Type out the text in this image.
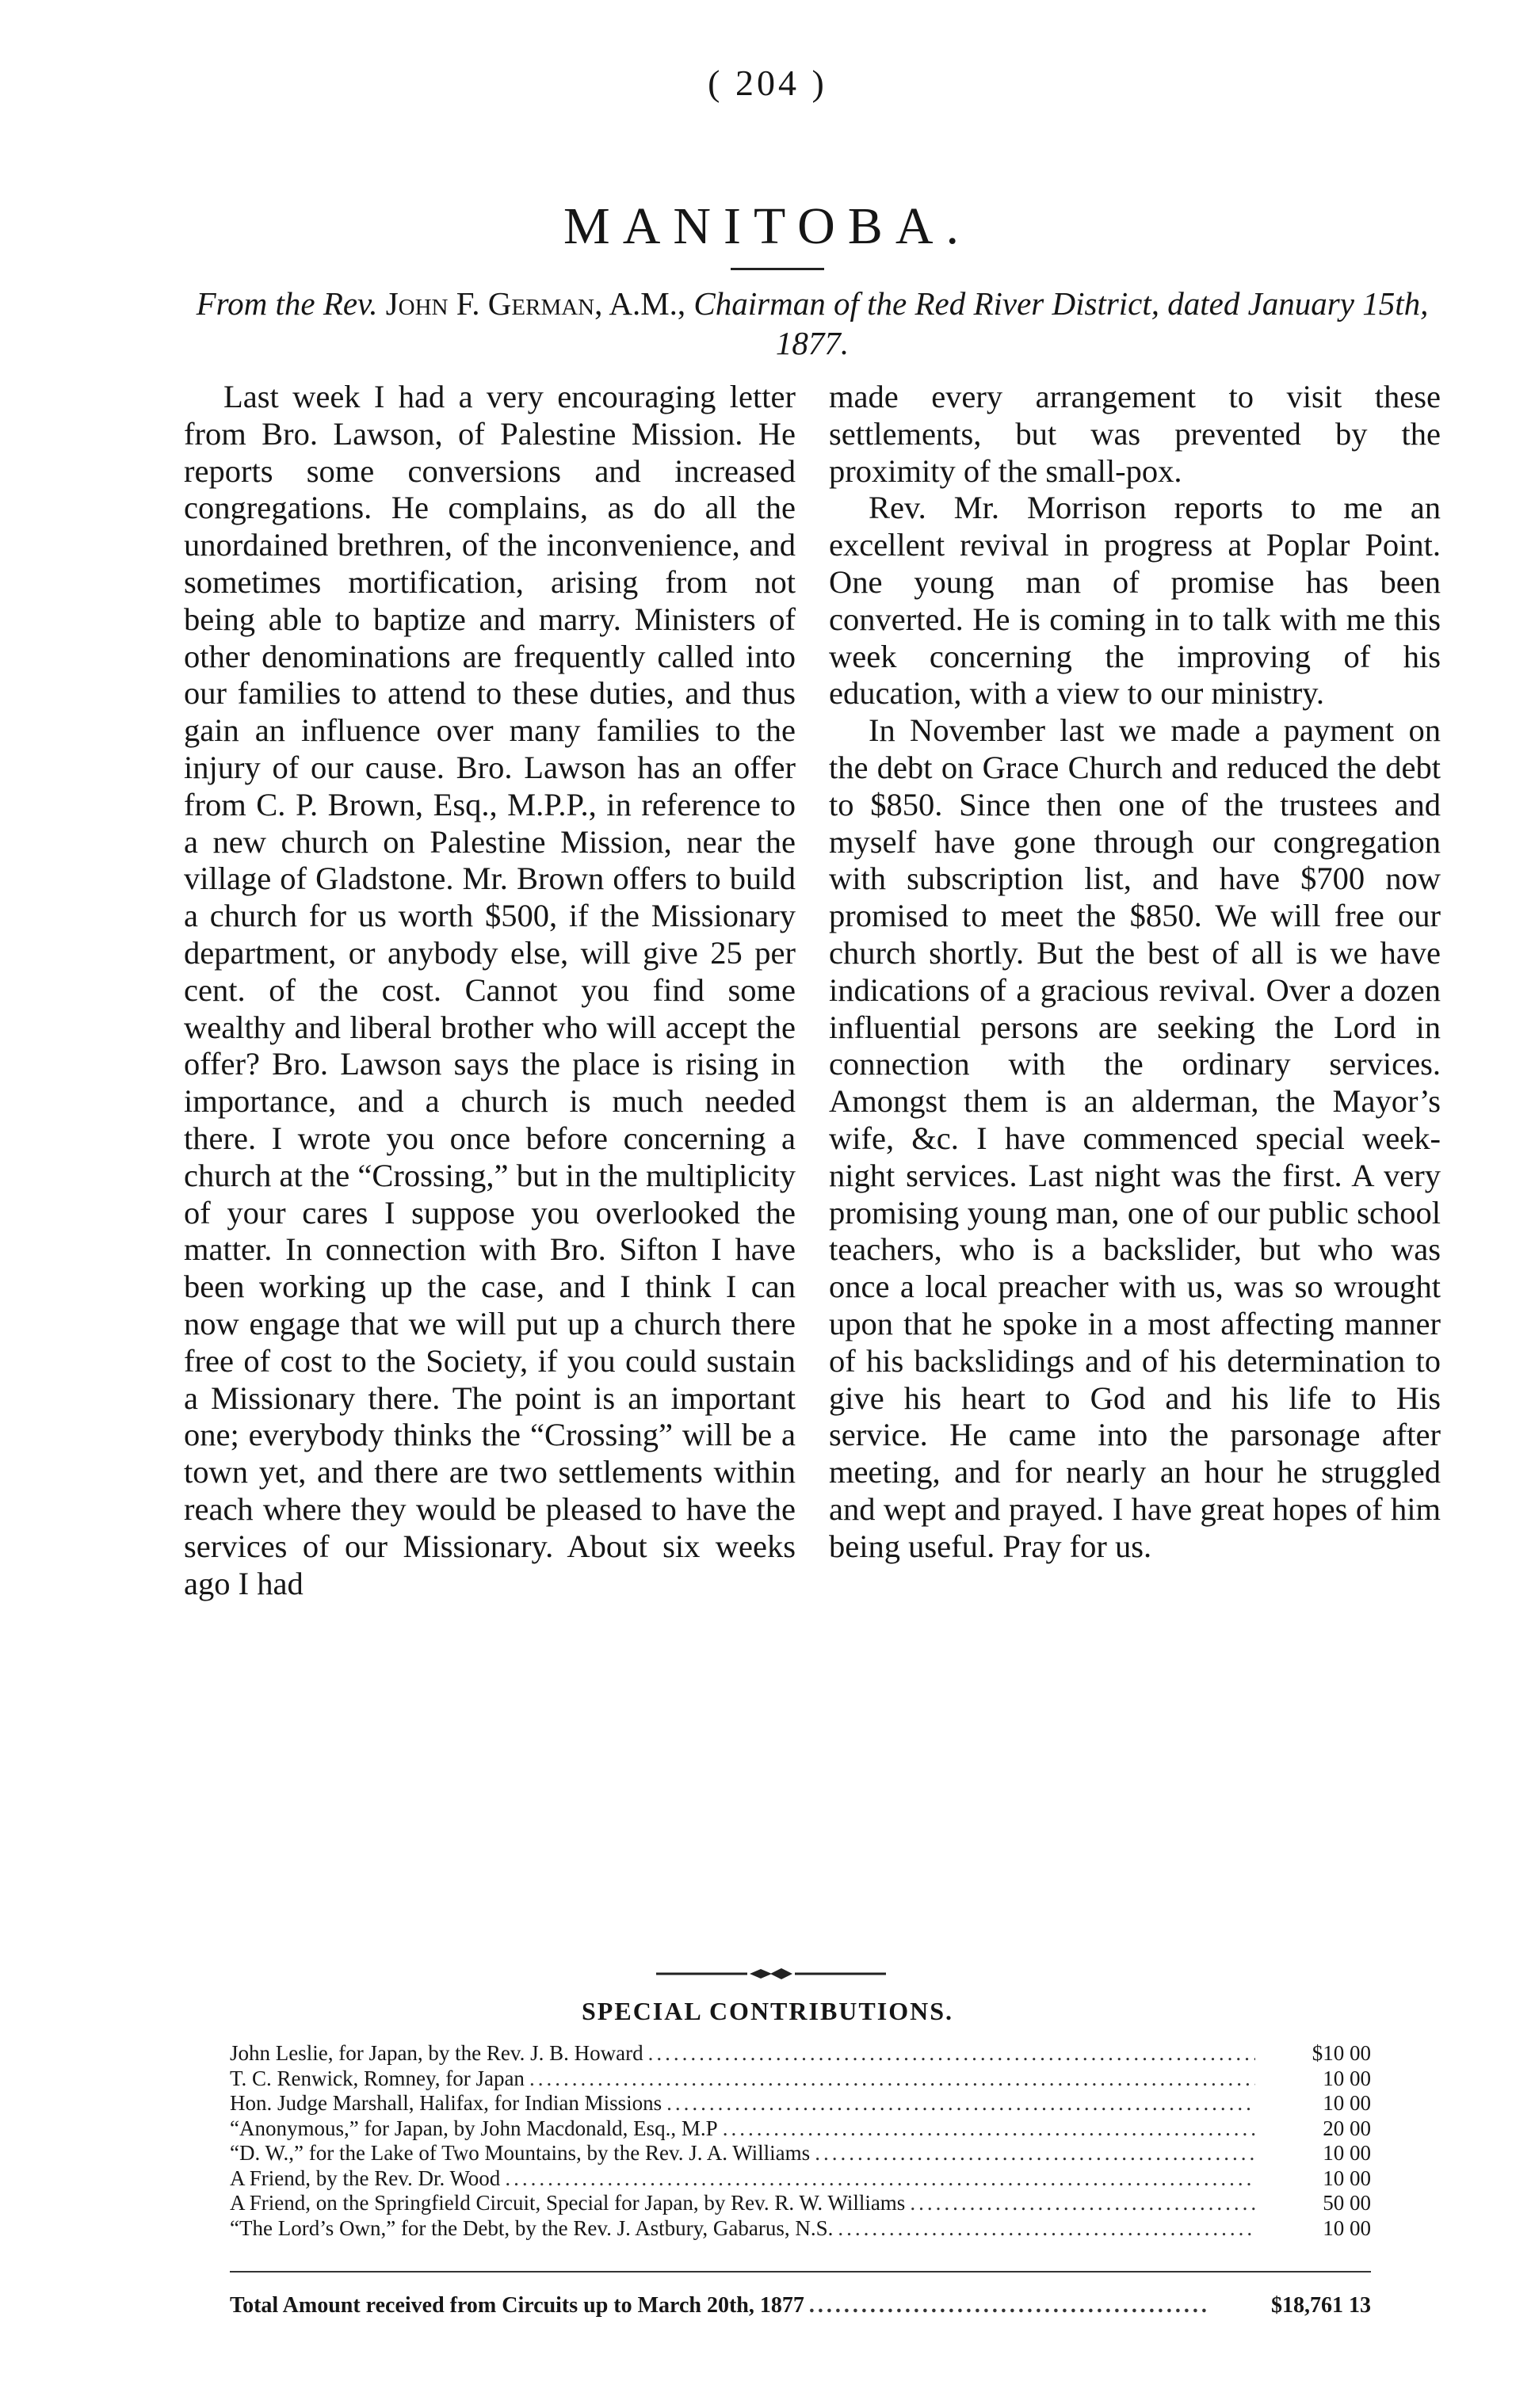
( 204 )
MANITOBA.
From the Rev. John F. German, A.M., Chairman of the Red River District, dated January 15th, 1877.

Last week I had a very encouraging letter from Bro. Lawson, of Palestine Mission. He reports some conversions and increased congregations. He complains, as do all the unordained brethren, of the inconvenience, and sometimes mortification, arising from not being able to baptize and marry. Ministers of other denominations are frequently called into our families to attend to these duties, and thus gain an influence over many families to the injury of our cause. Bro. Lawson has an offer from C. P. Brown, Esq., M.P.P., in reference to a new church on Palestine Mission, near the village of Gladstone. Mr. Brown offers to build a church for us worth $500, if the Missionary department, or anybody else, will give 25 per cent. of the cost. Cannot you find some wealthy and liberal brother who will accept the offer? Bro. Lawson says the place is rising in importance, and a church is much needed there. I wrote you once before concerning a church at the “Crossing,” but in the multiplicity of your cares I suppose you overlooked the matter. In connection with Bro. Sifton I have been working up the case, and I think I can now engage that we will put up a church there free of cost to the Society, if you could sustain a Missionary there. The point is an important one; everybody thinks the “Crossing” will be a town yet, and there are two settlements within reach where they would be pleased to have the services of our Missionary. About six weeks ago I had

made every arrangement to visit these settlements, but was prevented by the proximity of the small-pox.

Rev. Mr. Morrison reports to me an excellent revival in progress at Poplar Point. One young man of promise has been converted. He is coming in to talk with me this week concerning the improving of his education, with a view to our ministry.

In November last we made a payment on the debt on Grace Church and reduced the debt to $850. Since then one of the trustees and myself have gone through our congregation with subscription list, and have $700 now promised to meet the $850. We will free our church shortly. But the best of all is we have indications of a gracious revival. Over a dozen influential persons are seeking the Lord in connection with the ordinary services. Amongst them is an alderman, the Mayor’s wife, &c. I have commenced special week-night services. Last night was the first. A very promising young man, one of our public school teachers, who is a backslider, but who was once a local preacher with us, was so wrought upon that he spoke in a most affecting manner of his backslidings and of his determination to give his heart to God and his life to His service. He came into the parsonage after meeting, and for nearly an hour he struggled and wept and prayed. I have great hopes of him being useful. Pray for us.

SPECIAL CONTRIBUTIONS.
John Leslie, for Japan, by the Rev. J. B. Howard .....	$10 00
T. C. Renwick, Romney, for Japan .....	10 00
Hon. Judge Marshall, Halifax, for Indian Missions .....	10 00
“Anonymous,” for Japan, by John Macdonald, Esq., M.P .....	20 00
“D. W.,” for the Lake of Two Mountains, by the Rev. J. A. Williams .....	10 00
A Friend, by the Rev. Dr. Wood .....	10 00
A Friend, on the Springfield Circuit, Special for Japan, by Rev. R. W. Williams .....	50 00
“The Lord’s Own,” for the Debt, by the Rev. J. Astbury, Gabarus, N.S. .....	10 00
Total Amount received from Circuits up to March 20th, 1877 .....	$18,761 13
